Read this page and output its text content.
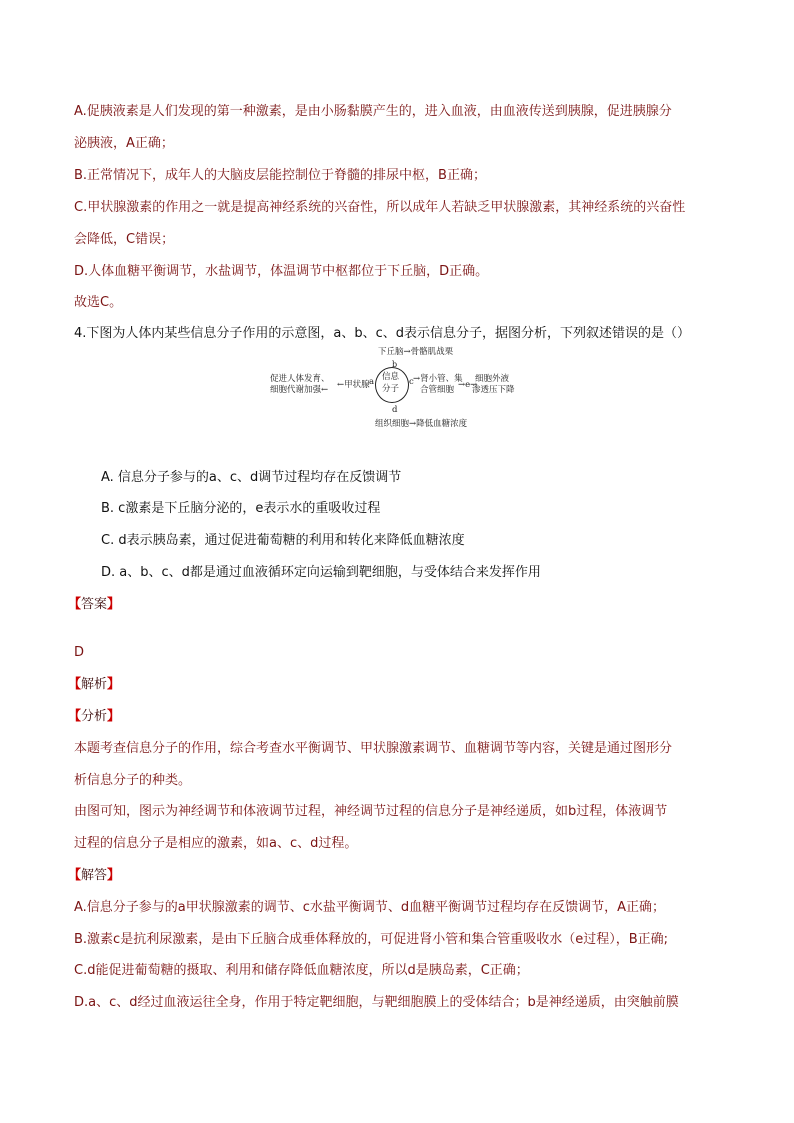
A.促胰液素是人们发现的第一种激素，是由小肠黏膜产生的，进入血液，由血液传送到胰腺，促进胰腺分
泌胰液，A正确；
B.正常情况下，成年人的大脑皮层能控制位于脊髓的排尿中枢，B正确；
C.甲状腺激素的作用之一就是提高神经系统的兴奋性，所以成年人若缺乏甲状腺激素，其神经系统的兴奋性
会降低，C错误；
D.人体血糖平衡调节，水盐调节，体温调节中枢都位于下丘脑，D正确。
故选C。
4.下图为人体内某些信息分子作用的示意图，a、b、c、d表示信息分子，据图分析，下列叙述错误的是（）
信息
分子
下丘脑→骨骼肌战栗
b
促进人体发育、
细胞代谢加强← ←甲状腺 a	c →肾小管、集
合管细胞 →e→
细胞外液
渗透压下降
d
组织细胞→降低血糖浓度
A. 信息分子参与的a、c、d调节过程均存在反馈调节
B. c激素是下丘脑分泌的，e表示水的重吸收过程
C. d表示胰岛素，通过促进葡萄糖的利用和转化来降低血糖浓度
D. a、b、c、d都是通过血液循环定向运输到靶细胞，与受体结合来发挥作用
【答案】
D
【解析】
【分析】
本题考查信息分子的作用，综合考查水平衡调节、甲状腺激素调节、血糖调节等内容，关键是通过图形分
析信息分子的种类。
由图可知，图示为神经调节和体液调节过程，神经调节过程的信息分子是神经递质，如b过程，体液调节
过程的信息分子是相应的激素，如a、c、d过程。
【解答】
A.信息分子参与的a甲状腺激素的调节、c水盐平衡调节、d血糖平衡调节过程均存在反馈调节，A正确；
B.激素c是抗利尿激素，是由下丘脑合成垂体释放的，可促进肾小管和集合管重吸收水（e过程），B正确;
C.d能促进葡萄糖的摄取、利用和储存降低血糖浓度，所以d是胰岛素，C正确；
D.a、c、d经过血液运往全身，作用于特定靶细胞，与靶细胞膜上的受体结合；b是神经递质，由突触前膜
